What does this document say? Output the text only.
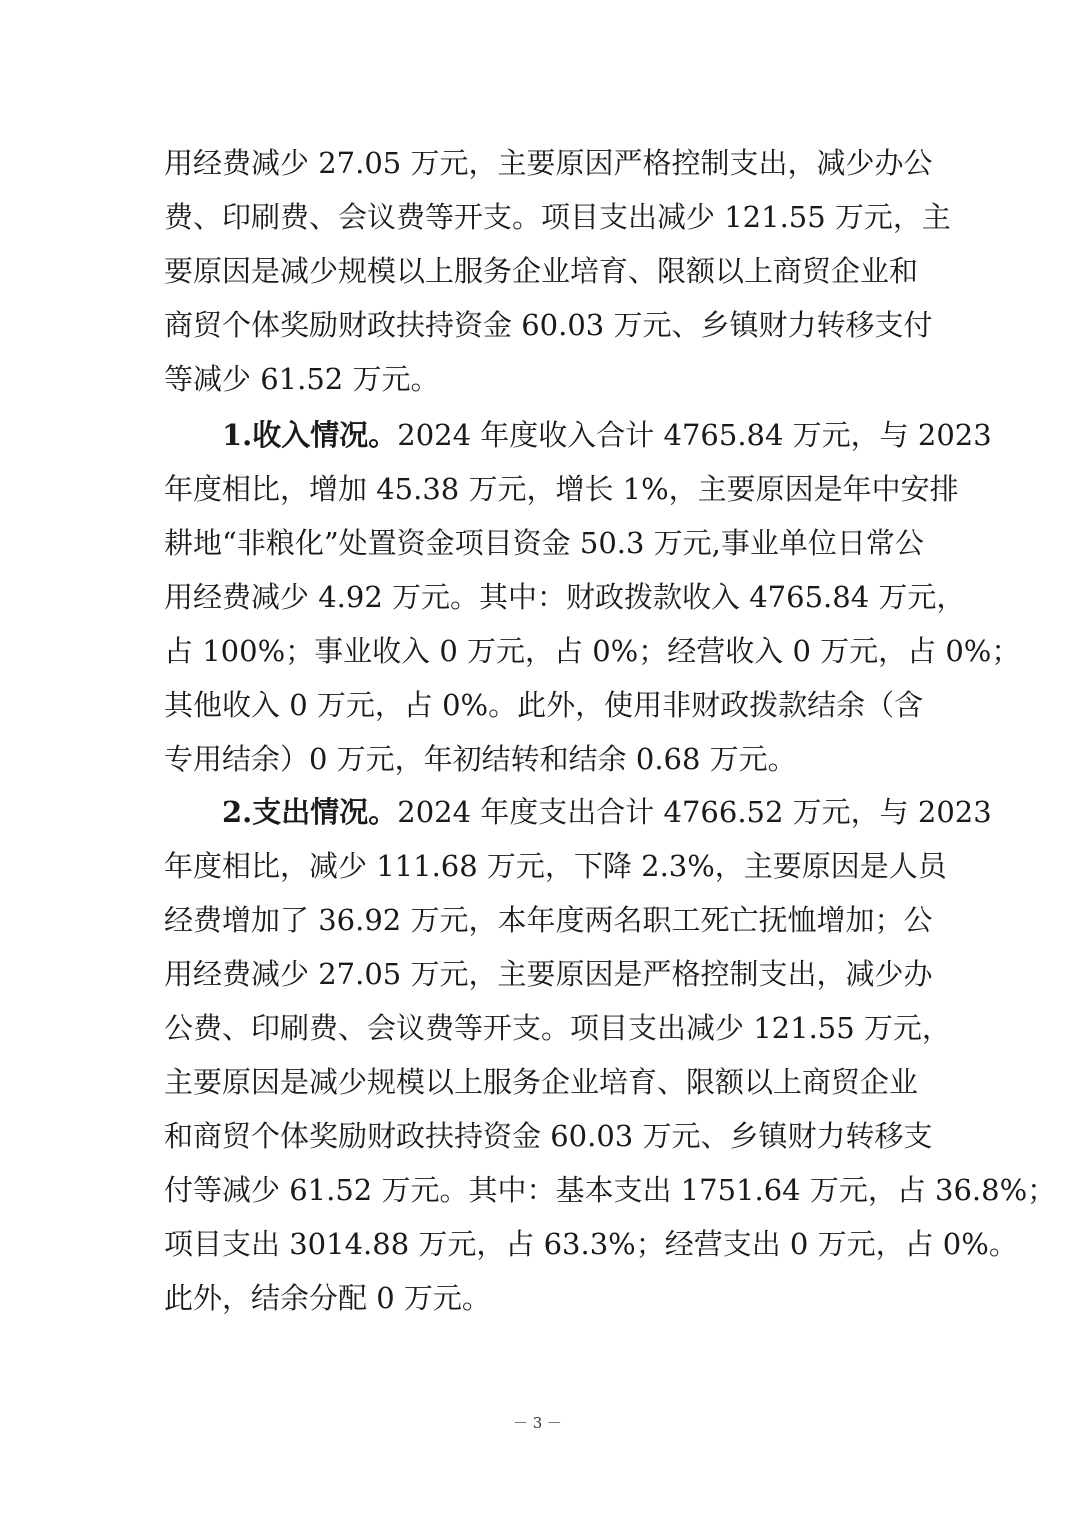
用经费减少 27.05 万元，主要原因严格控制支出，减少办公
费、印刷费、会议费等开支。项目支出减少 121.55 万元，主
要原因是减少规模以上服务企业培育、限额以上商贸企业和
商贸个体奖励财政扶持资金 60.03 万元、乡镇财力转移支付
等减少 61.52 万元。
1.收入情况。2024 年度收入合计 4765.84 万元，与 2023
年度相比，增加 45.38 万元，增长 1%，主要原因是年中安排
耕地“非粮化”处置资金项目资金 50.3 万元,事业单位日常公
用经费减少 4.92 万元。其中：财政拨款收入 4765.84 万元，
占 100%；事业收入 0 万元，占 0%；经营收入 0 万元，占 0%；
其他收入 0 万元，占 0%。此外，使用非财政拨款结余（含
专用结余）0 万元，年初结转和结余 0.68 万元。
2.支出情况。2024 年度支出合计 4766.52 万元，与 2023
年度相比，减少 111.68 万元，下降 2.3%，主要原因是人员
经费增加了 36.92 万元，本年度两名职工死亡抚恤增加；公
用经费减少 27.05 万元，主要原因是严格控制支出，减少办
公费、印刷费、会议费等开支。项目支出减少 121.55 万元，
主要原因是减少规模以上服务企业培育、限额以上商贸企业
和商贸个体奖励财政扶持资金 60.03 万元、乡镇财力转移支
付等减少 61.52 万元。其中：基本支出 1751.64 万元，占 36.8%；
项目支出 3014.88 万元，占 63.3%；经营支出 0 万元，占 0%。
此外，结余分配 0 万元。
－ 3 －
